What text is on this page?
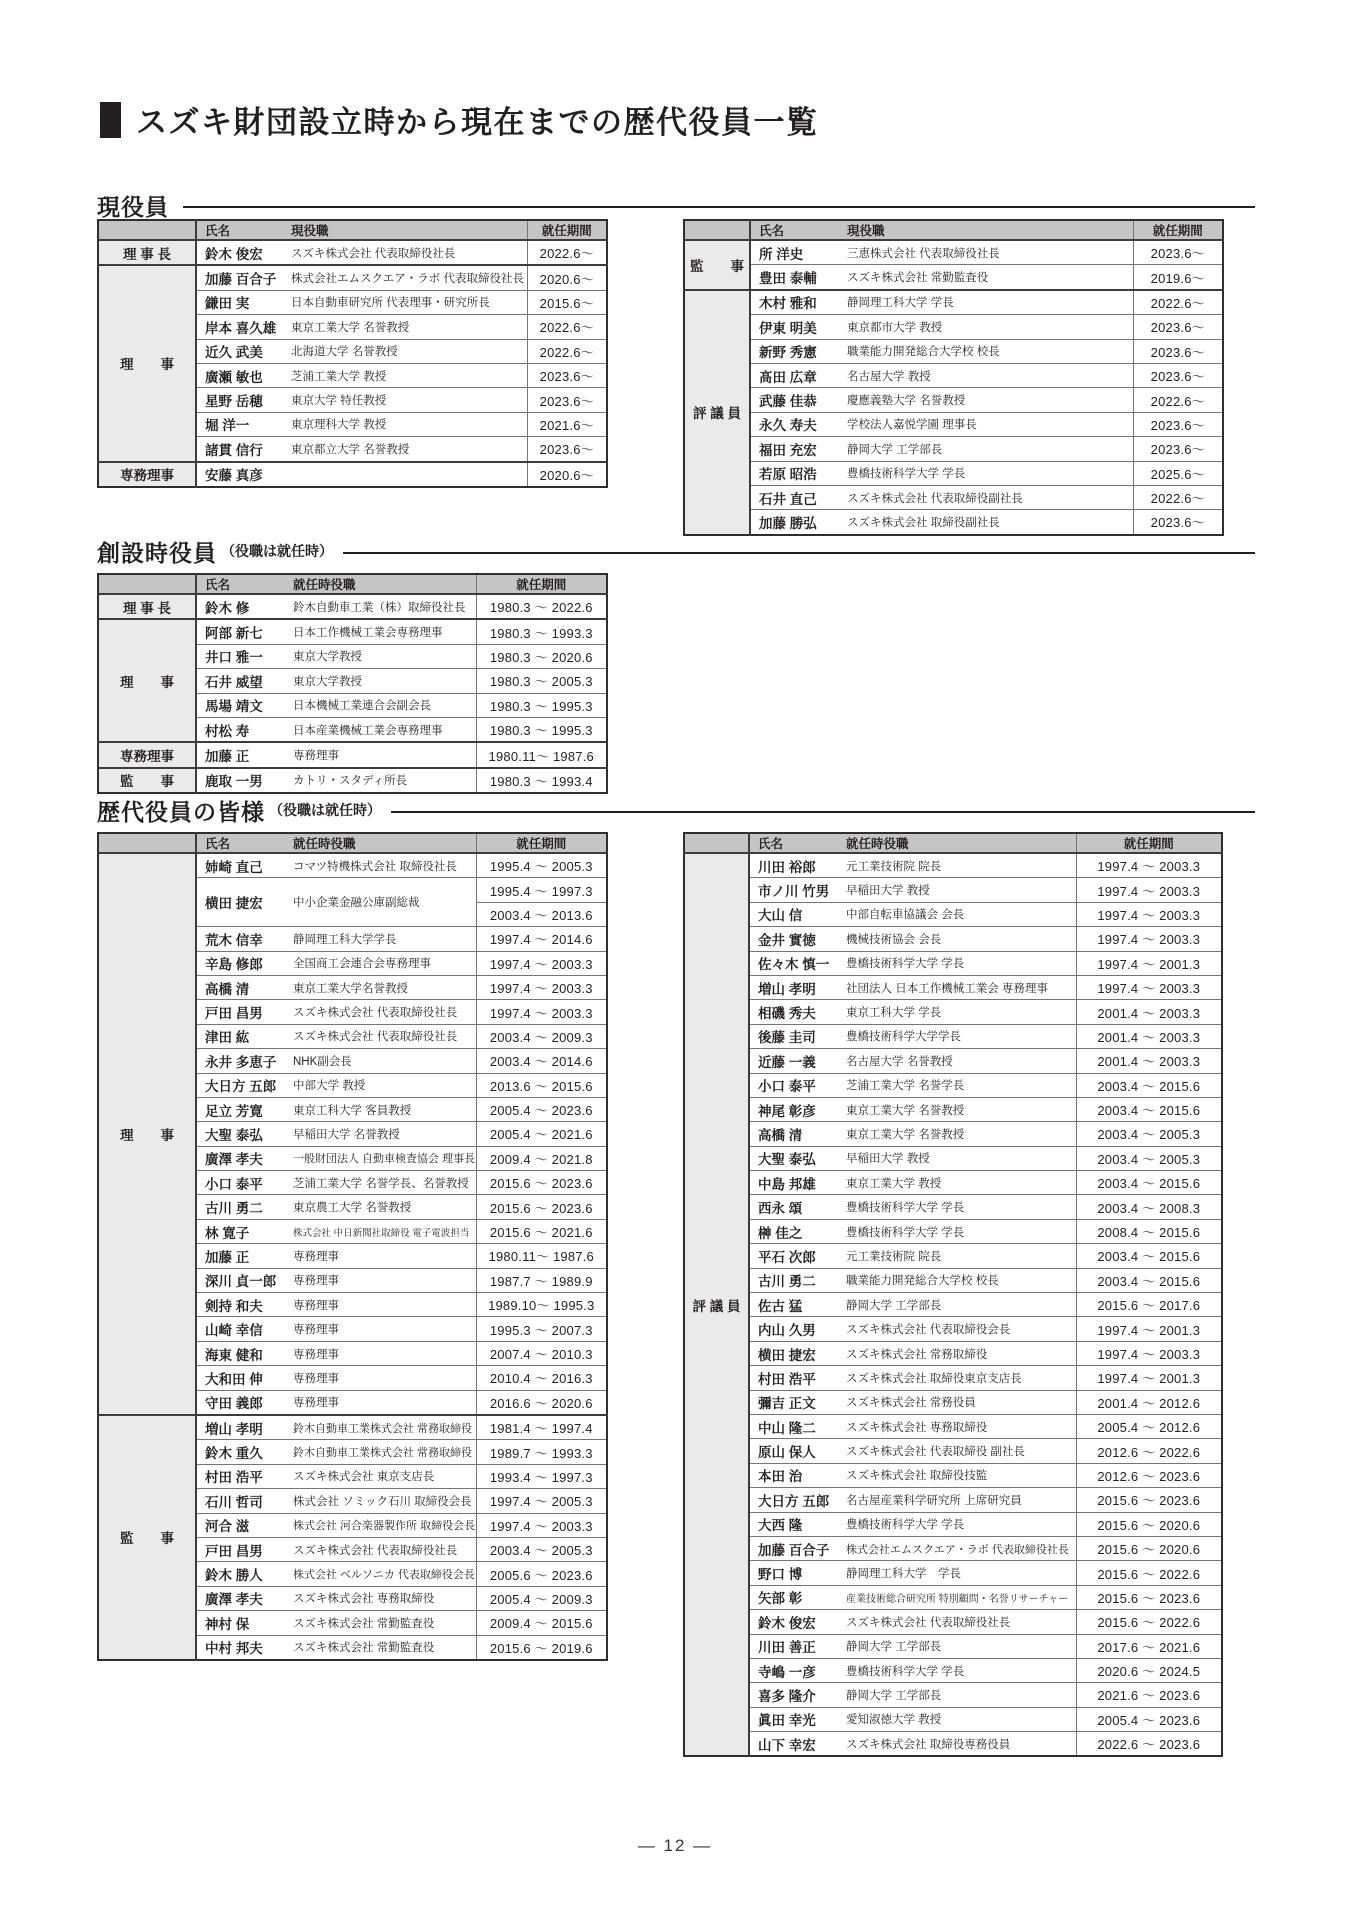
スズキ財団設立時から現在までの歴代役員一覧
現役員

	氏名	現役職	就任期間

理 事 長	鈴木 俊宏	スズキ株式会社 代表取締役社長	2022.6〜

理　　事	加藤 百合子	株式会社エムスクエア・ラボ 代表取締役社長	2020.6〜

	鎌田 実	日本自動車研究所 代表理事・研究所長	2015.6〜

	岸本 喜久雄	東京工業大学 名誉教授	2022.6〜

	近久 武美	北海道大学 名誉教授	2022.6〜

	廣瀬 敏也	芝浦工業大学 教授	2023.6〜

	星野 岳穂	東京大学 特任教授	2023.6〜

	堀 洋一	東京理科大学 教授	2021.6〜

	諸貫 信行	東京都立大学 名誉教授	2023.6〜

専務理事	安藤 真彦		2020.6〜

	氏名	現役職	就任期間

監　　事	所 洋史	三恵株式会社 代表取締役社長	2023.6〜

	豊田 泰輔	スズキ株式会社 常勤監査役	2019.6〜

評 議 員	木村 雅和	静岡理工科大学 学長	2022.6〜

	伊東 明美	東京都市大学 教授	2023.6〜

	新野 秀憲	職業能力開発総合大学校 校長	2023.6〜

	髙田 広章	名古屋大学 教授	2023.6〜

	武藤 佳恭	慶應義塾大学 名誉教授	2022.6〜

	永久 寿夫	学校法人嘉悦学園 理事長	2023.6〜

	福田 充宏	静岡大学 工学部長	2023.6〜

	若原 昭浩	豊橋技術科学大学 学長	2025.6〜

	石井 直己	スズキ株式会社 代表取締役副社長	2022.6〜

	加藤 勝弘	スズキ株式会社 取締役副社長	2023.6〜
創設時役員 （役職は就任時）

	氏名	就任時役職	就任期間

理 事 長	鈴木 修	鈴木自動車工業（株）取締役社長	1980.3 〜 2022.6

理　　事	阿部 新七	日本工作機械工業会専務理事	1980.3 〜 1993.3

	井口 雅一	東京大学教授	1980.3 〜 2020.6

	石井 威望	東京大学教授	1980.3 〜 2005.3

	馬場 靖文	日本機械工業連合会副会長	1980.3 〜 1995.3

	村松 寿	日本産業機械工業会専務理事	1980.3 〜 1995.3

専務理事	加藤 正	専務理事	1980.11〜 1987.6

監　　事	鹿取 一男	カトリ・スタディ所長	1980.3 〜 1993.4
歴代役員の皆様 （役職は就任時）

	氏名	就任時役職	就任期間

理　　事	姉崎 直己	コマツ特機株式会社 取締役社長	1995.4 〜 2005.3

	横田 捷宏	中小企業金融公庫副総裁	1995.4 〜 1997.3

			2003.4 〜 2013.6

	荒木 信幸	静岡理工科大学学長	1997.4 〜 2014.6

	辛島 修郎	全国商工会連合会専務理事	1997.4 〜 2003.3

	高橋 清	東京工業大学名誉教授	1997.4 〜 2003.3

	戸田 昌男	スズキ株式会社 代表取締役社長	1997.4 〜 2003.3

	津田 紘	スズキ株式会社 代表取締役社長	2003.4 〜 2009.3

	永井 多恵子	NHK副会長	2003.4 〜 2014.6

	大日方 五郎	中部大学 教授	2013.6 〜 2015.6

	足立 芳寛	東京工科大学 客員教授	2005.4 〜 2023.6

	大聖 泰弘	早稲田大学 名誉教授	2005.4 〜 2021.6

	廣澤 孝夫	一般財団法人 自動車検査協会 理事長	2009.4 〜 2021.8

	小口 泰平	芝浦工業大学 名誉学長、名誉教授	2015.6 〜 2023.6

	古川 勇二	東京農工大学 名誉教授	2015.6 〜 2023.6

	林 寛子	株式会社 中日新聞社取締役 電子電波担当	2015.6 〜 2021.6

	加藤 正	専務理事	1980.11〜 1987.6

	深川 貞一郎	専務理事	1987.7 〜 1989.9

	剣持 和夫	専務理事	1989.10〜 1995.3

	山崎 幸信	専務理事	1995.3 〜 2007.3

	海東 健和	専務理事	2007.4 〜 2010.3

	大和田 伸	専務理事	2010.4 〜 2016.3

	守田 義郎	専務理事	2016.6 〜 2020.6

監　　事	増山 孝明	鈴木自動車工業株式会社 常務取締役	1981.4 〜 1997.4

	鈴木 重久	鈴木自動車工業株式会社 常務取締役	1989.7 〜 1993.3

	村田 浩平	スズキ株式会社 東京支店長	1993.4 〜 1997.3

	石川 哲司	株式会社 ソミック石川 取締役会長	1997.4 〜 2005.3

	河合 滋	株式会社 河合楽器製作所 取締役会長	1997.4 〜 2003.3

	戸田 昌男	スズキ株式会社 代表取締役社長	2003.4 〜 2005.3

	鈴木 勝人	株式会社 ベルソニカ 代表取締役会長	2005.6 〜 2023.6

	廣澤 孝夫	スズキ株式会社 専務取締役	2005.4 〜 2009.3

	神村 保	スズキ株式会社 常勤監査役	2009.4 〜 2015.6

	中村 邦夫	スズキ株式会社 常勤監査役	2015.6 〜 2019.6

	氏名	就任時役職	就任期間

評 議 員	川田 裕郎	元工業技術院 院長	1997.4 〜 2003.3

	市ノ川 竹男	早稲田大学 教授	1997.4 〜 2003.3

	大山 信	中部自転車協議会 会長	1997.4 〜 2003.3

	金井 實徳	機械技術協会 会長	1997.4 〜 2003.3

	佐々木 慎一	豊橋技術科学大学 学長	1997.4 〜 2001.3

	増山 孝明	社団法人 日本工作機械工業会 専務理事	1997.4 〜 2003.3

	相磯 秀夫	東京工科大学 学長	2001.4 〜 2003.3

	後藤 圭司	豊橋技術科学大学学長	2001.4 〜 2003.3

	近藤 一義	名古屋大学 名誉教授	2001.4 〜 2003.3

	小口 泰平	芝浦工業大学 名誉学長	2003.4 〜 2015.6

	神尾 彰彦	東京工業大学 名誉教授	2003.4 〜 2015.6

	高橋 清	東京工業大学 名誉教授	2003.4 〜 2005.3

	大聖 泰弘	早稲田大学 教授	2003.4 〜 2005.3

	中島 邦雄	東京工業大学 教授	2003.4 〜 2015.6

	西永 頌	豊橋技術科学大学 学長	2003.4 〜 2008.3

	榊 佳之	豊橋技術科学大学 学長	2008.4 〜 2015.6

	平石 次郎	元工業技術院 院長	2003.4 〜 2015.6

	古川 勇二	職業能力開発総合大学校 校長	2003.4 〜 2015.6

	佐古 猛	静岡大学 工学部長	2015.6 〜 2017.6

	内山 久男	スズキ株式会社 代表取締役会長	1997.4 〜 2001.3

	横田 捷宏	スズキ株式会社 常務取締役	1997.4 〜 2003.3

	村田 浩平	スズキ株式会社 取締役東京支店長	1997.4 〜 2001.3

	彌吉 正文	スズキ株式会社 常務役員	2001.4 〜 2012.6

	中山 隆二	スズキ株式会社 専務取締役	2005.4 〜 2012.6

	原山 保人	スズキ株式会社 代表取締役 副社長	2012.6 〜 2022.6

	本田 治	スズキ株式会社 取締役技監	2012.6 〜 2023.6

	大日方 五郎	名古屋産業科学研究所 上席研究員	2015.6 〜 2023.6

	大西 隆	豊橋技術科学大学 学長	2015.6 〜 2020.6

	加藤 百合子	株式会社エムスクエア・ラボ 代表取締役社長	2015.6 〜 2020.6

	野口 博	静岡理工科大学　学長	2015.6 〜 2022.6

	矢部 彰	産業技術総合研究所 特別顧問・名誉リサーチャー	2015.6 〜 2023.6

	鈴木 俊宏	スズキ株式会社 代表取締役社長	2015.6 〜 2022.6

	川田 善正	静岡大学 工学部長	2017.6 〜 2021.6

	寺嶋 一彦	豊橋技術科学大学 学長	2020.6 〜 2024.5

	喜多 隆介	静岡大学 工学部長	2021.6 〜 2023.6

	眞田 幸光	愛知淑徳大学 教授	2005.4 〜 2023.6

	山下 幸宏	スズキ株式会社 取締役専務役員	2022.6 〜 2023.6
— 12 —
